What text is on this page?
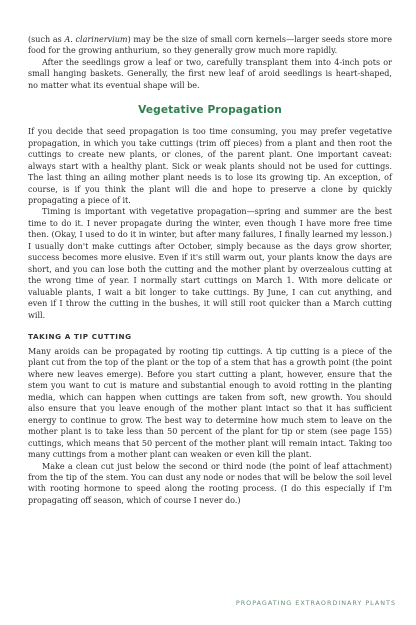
(such as A. clarinervium) may be the size of small corn kernels—larger seeds store more food for the growing anthurium, so they generally grow much more rapidly.

After the seedlings grow a leaf or two, carefully transplant them into 4-inch pots or small hanging baskets. Generally, the first new leaf of aroid seedlings is heart-shaped, no matter what its eventual shape will be.

Vegetative Propagation

If you decide that seed propagation is too time consuming, you may prefer vegetative propagation, in which you take cuttings (trim off pieces) from a plant and then root the cuttings to create new plants, or clones, of the parent plant. One important caveat: always start with a healthy plant. Sick or weak plants should not be used for cuttings. The last thing an ailing mother plant needs is to lose its growing tip. An exception, of course, is if you think the plant will die and hope to preserve a clone by quickly propagating a piece of it.

Timing is important with vegetative propagation—spring and summer are the best time to do it. I never propagate during the winter, even though I have more free time then. (Okay, I used to do it in winter, but after many failures, I finally learned my lesson.) I usually don't make cuttings after October, simply because as the days grow shorter, success becomes more elusive. Even if it's still warm out, your plants know the days are short, and you can lose both the cutting and the mother plant by overzealous cutting at the wrong time of year. I normally start cuttings on March 1. With more delicate or valuable plants, I wait a bit longer to take cuttings. By June, I can cut anything, and even if I throw the cutting in the bushes, it will still root quicker than a March cutting will.

TAKING A TIP CUTTING

Many aroids can be propagated by rooting tip cuttings. A tip cutting is a piece of the plant cut from the top of the plant or the top of a stem that has a growth point (the point where new leaves emerge). Before you start cutting a plant, however, ensure that the stem you want to cut is mature and substantial enough to avoid rotting in the planting media, which can happen when cuttings are taken from soft, new growth. You should also ensure that you leave enough of the mother plant intact so that it has sufficient energy to continue to grow. The best way to determine how much stem to leave on the mother plant is to take less than 50 percent of the plant for tip or stem (see page 155) cuttings, which means that 50 percent of the mother plant will remain intact. Taking too many cuttings from a mother plant can weaken or even kill the plant.

Make a clean cut just below the second or third node (the point of leaf attachment) from the tip of the stem. You can dust any node or nodes that will be below the soil level with rooting hormone to speed along the rooting process. (I do this especially if I'm propagating off season, which of course I never do.)

PROPAGATING EXTRAORDINARY PLANTS
